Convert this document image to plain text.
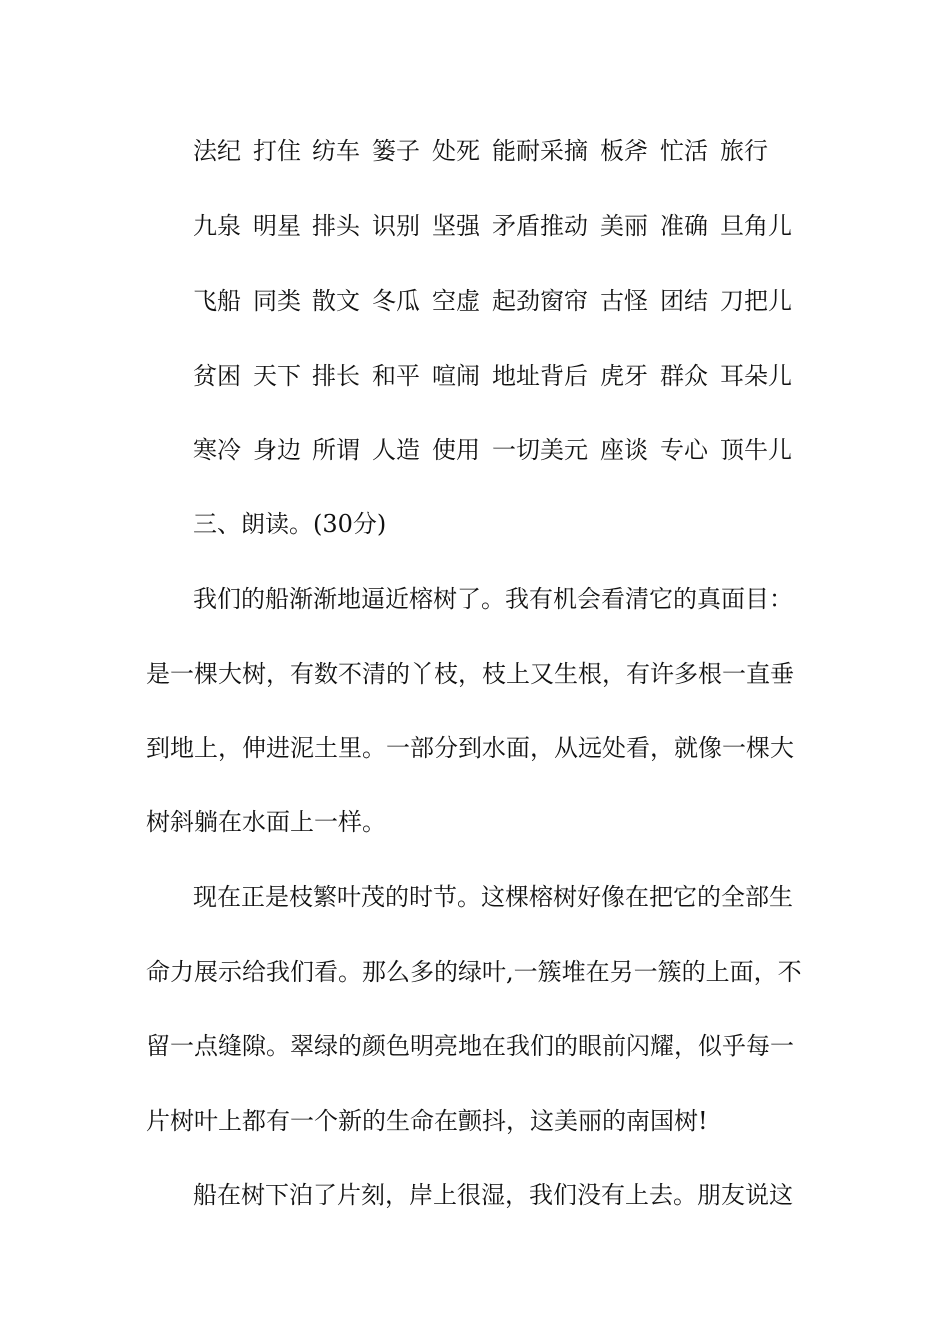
法纪 打住 纺车 篓子 处死 能耐采摘 板斧 忙活 旅行
九泉 明星 排头 识别 坚强 矛盾推动 美丽 准确 旦角儿
飞船 同类 散文 冬瓜 空虚 起劲窗帘 古怪 团结 刀把儿
贫困 天下 排长 和平 喧闹 地址背后 虎牙 群众 耳朵儿
寒冷 身边 所谓 人造 使用 一切美元 座谈 专心 顶牛儿
三、朗读。(30分)
我们的船渐渐地逼近榕树了。我有机会看清它的真面目：
是一棵大树，有数不清的丫枝，枝上又生根，有许多根一直垂
到地上，伸进泥土里。一部分到水面，从远处看，就像一棵大
树斜躺在水面上一样。
现在正是枝繁叶茂的时节。这棵榕树好像在把它的全部生
命力展示给我们看。那么多的绿叶,一簇堆在另一簇的上面，不
留一点缝隙。翠绿的颜色明亮地在我们的眼前闪耀，似乎每一
片树叶上都有一个新的生命在颤抖，这美丽的南国树!
船在树下泊了片刻，岸上很湿，我们没有上去。朋友说这
